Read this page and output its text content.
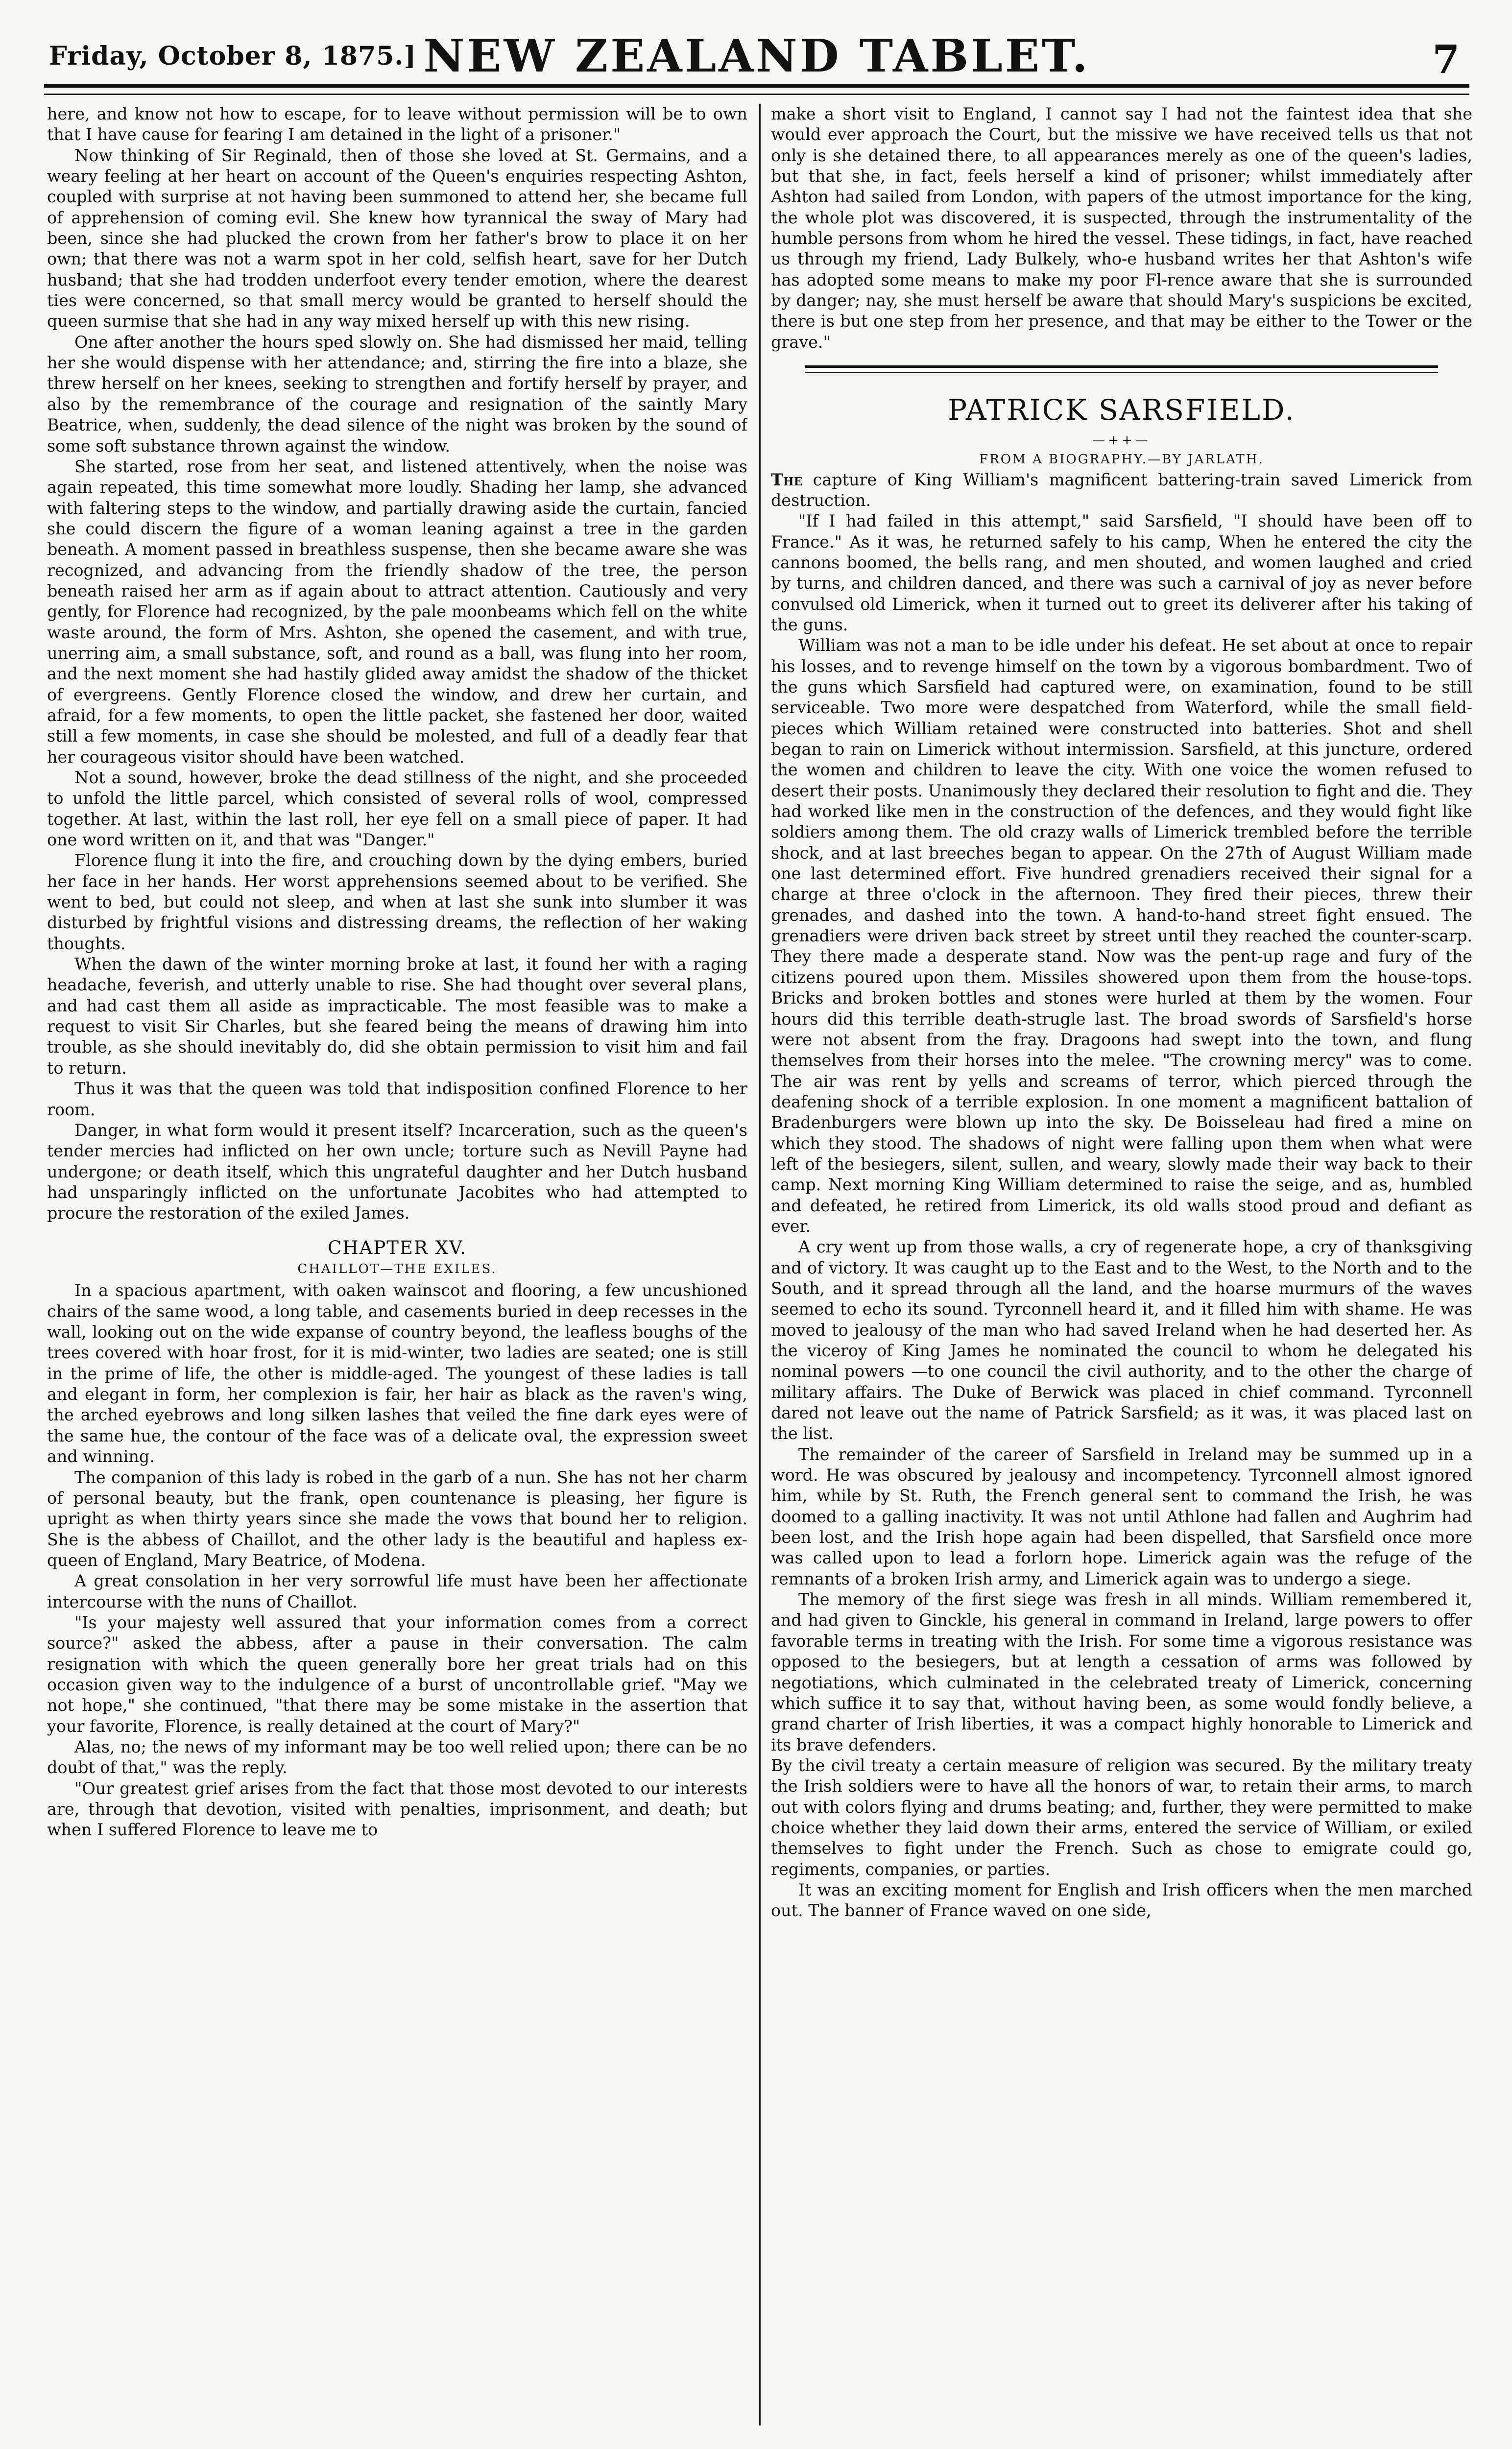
Friday, October 8, 1875.] NEW ZEALAND TABLET.	7

here, and know not how to escape, for to leave without permission will be to own that I have cause for fearing I am detained in the light of a prisoner."

Now thinking of Sir Reginald, then of those she loved at St. Germains, and a weary feeling at her heart on account of the Queen's enquiries respecting Ashton, coupled with surprise at not having been summoned to attend her, she became full of apprehension of coming evil. She knew how tyrannical the sway of Mary had been, since she had plucked the crown from her father's brow to place it on her own; that there was not a warm spot in her cold, selfish heart, save for her Dutch husband; that she had trodden underfoot every tender emotion, where the dearest ties were concerned, so that small mercy would be granted to herself should the queen surmise that she had in any way mixed herself up with this new rising.

One after another the hours sped slowly on. She had dismissed her maid, telling her she would dispense with her attendance; and, stirring the fire into a blaze, she threw herself on her knees, seeking to strengthen and fortify herself by prayer, and also by the remembrance of the courage and resignation of the saintly Mary Beatrice, when, suddenly, the dead silence of the night was broken by the sound of some soft substance thrown against the window.

She started, rose from her seat, and listened attentively, when the noise was again repeated, this time somewhat more loudly. Shading her lamp, she advanced with faltering steps to the window, and partially drawing aside the curtain, fancied she could discern the figure of a woman leaning against a tree in the garden beneath. A moment passed in breathless suspense, then she became aware she was recognized, and advancing from the friendly shadow of the tree, the person beneath raised her arm as if again about to attract attention. Cautiously and very gently, for Florence had recognized, by the pale moonbeams which fell on the white waste around, the form of Mrs. Ashton, she opened the casement, and with true, unerring aim, a small substance, soft, and round as a ball, was flung into her room, and the next moment she had hastily glided away amidst the shadow of the thicket of evergreens. Gently Florence closed the window, and drew her curtain, and afraid, for a few moments, to open the little packet, she fastened her door, waited still a few moments, in case she should be molested, and full of a deadly fear that her courageous visitor should have been watched.

Not a sound, however, broke the dead stillness of the night, and she proceeded to unfold the little parcel, which consisted of several rolls of wool, compressed together. At last, within the last roll, her eye fell on a small piece of paper. It had one word written on it, and that was "Danger."

Florence flung it into the fire, and crouching down by the dying embers, buried her face in her hands. Her worst apprehensions seemed about to be verified. She went to bed, but could not sleep, and when at last she sunk into slumber it was disturbed by frightful visions and distressing dreams, the reflection of her waking thoughts.

When the dawn of the winter morning broke at last, it found her with a raging headache, feverish, and utterly unable to rise. She had thought over several plans, and had cast them all aside as impracticable. The most feasible was to make a request to visit Sir Charles, but she feared being the means of drawing him into trouble, as she should inevitably do, did she obtain permission to visit him and fail to return.

Thus it was that the queen was told that indisposition confined Florence to her room.

Danger, in what form would it present itself? Incarceration, such as the queen's tender mercies had inflicted on her own uncle; torture such as Nevill Payne had undergone; or death itself, which this ungrateful daughter and her Dutch husband had unsparingly inflicted on the unfortunate Jacobites who had attempted to procure the restoration of the exiled James.

CHAPTER XV.
CHAILLOT—THE EXILES.

In a spacious apartment, with oaken wainscot and flooring, a few uncushioned chairs of the same wood, a long table, and casements buried in deep recesses in the wall, looking out on the wide expanse of country beyond, the leafless boughs of the trees covered with hoar frost, for it is mid-winter, two ladies are seated; one is still in the prime of life, the other is middle-aged. The youngest of these ladies is tall and elegant in form, her complexion is fair, her hair as black as the raven's wing, the arched eyebrows and long silken lashes that veiled the fine dark eyes were of the same hue, the contour of the face was of a delicate oval, the expression sweet and winning.

The companion of this lady is robed in the garb of a nun. She has not her charm of personal beauty, but the frank, open countenance is pleasing, her figure is upright as when thirty years since she made the vows that bound her to religion. She is the abbess of Chaillot, and the other lady is the beautiful and hapless ex-queen of England, Mary Beatrice, of Modena.

A great consolation in her very sorrowful life must have been her affectionate intercourse with the nuns of Chaillot.

"Is your majesty well assured that your information comes from a correct source?" asked the abbess, after a pause in their conversation. The calm resignation with which the queen generally bore her great trials had on this occasion given way to the indulgence of a burst of uncontrollable grief. "May we not hope," she continued, "that there may be some mistake in the assertion that your favorite, Florence, is really detained at the court of Mary?"

Alas, no; the news of my informant may be too well relied upon; there can be no doubt of that," was the reply.

"Our greatest grief arises from the fact that those most devoted to our interests are, through that devotion, visited with penalties, imprisonment, and death; but when I suffered Florence to leave me to

make a short visit to England, I cannot say I had not the faintest idea that she would ever approach the Court, but the missive we have received tells us that not only is she detained there, to all appearances merely as one of the queen's ladies, but that she, in fact, feels herself a kind of prisoner; whilst immediately after Ashton had sailed from London, with papers of the utmost importance for the king, the whole plot was discovered, it is suspected, through the instrumentality of the humble persons from whom he hired the vessel. These tidings, in fact, have reached us through my friend, Lady Bulkely, who-e husband writes her that Ashton's wife has adopted some means to make my poor Fl-rence aware that she is surrounded by danger; nay, she must herself be aware that should Mary's suspicions be excited, there is but one step from her presence, and that may be either to the Tower or the grave."

PATRICK SARSFIELD.
—++—
FROM A BIOGRAPHY.—BY JARLATH.

The capture of King William's magnificent battering-train saved Limerick from destruction.

"If I had failed in this attempt," said Sarsfield, "I should have been off to France." As it was, he returned safely to his camp, When he entered the city the cannons boomed, the bells rang, and men shouted, and women laughed and cried by turns, and children danced, and there was such a carnival of joy as never before convulsed old Limerick, when it turned out to greet its deliverer after his taking of the guns.

William was not a man to be idle under his defeat. He set about at once to repair his losses, and to revenge himself on the town by a vigorous bombardment. Two of the guns which Sarsfield had captured were, on examination, found to be still serviceable. Two more were despatched from Waterford, while the small field-pieces which William retained were constructed into batteries. Shot and shell began to rain on Limerick without intermission. Sarsfield, at this juncture, ordered the women and children to leave the city. With one voice the women refused to desert their posts. Unanimously they declared their resolution to fight and die. They had worked like men in the construction of the defences, and they would fight like soldiers among them. The old crazy walls of Limerick trembled before the terrible shock, and at last breeches began to appear. On the 27th of August William made one last determined effort. Five hundred grenadiers received their signal for a charge at three o'clock in the afternoon. They fired their pieces, threw their grenades, and dashed into the town. A hand-to-hand street fight ensued. The grenadiers were driven back street by street until they reached the counter-scarp. They there made a desperate stand. Now was the pent-up rage and fury of the citizens poured upon them. Missiles showered upon them from the house-tops. Bricks and broken bottles and stones were hurled at them by the women. Four hours did this terrible death-strugle last. The broad swords of Sarsfield's horse were not absent from the fray. Dragoons had swept into the town, and flung themselves from their horses into the melee. "The crowning mercy" was to come. The air was rent by yells and screams of terror, which pierced through the deafening shock of a terrible explosion. In one moment a magnificent battalion of Bradenburgers were blown up into the sky. De Boisseleau had fired a mine on which they stood. The shadows of night were falling upon them when what were left of the besiegers, silent, sullen, and weary, slowly made their way back to their camp. Next morning King William determined to raise the seige, and as, humbled and defeated, he retired from Limerick, its old walls stood proud and defiant as ever.

A cry went up from those walls, a cry of regenerate hope, a cry of thanksgiving and of victory. It was caught up to the East and to the West, to the North and to the South, and it spread through all the land, and the hoarse murmurs of the waves seemed to echo its sound. Tyrconnell heard it, and it filled him with shame. He was moved to jealousy of the man who had saved Ireland when he had deserted her. As the viceroy of King James he nominated the council to whom he delegated his nominal powers —to one council the civil authority, and to the other the charge of military affairs. The Duke of Berwick was placed in chief command. Tyrconnell dared not leave out the name of Patrick Sarsfield; as it was, it was placed last on the list.

The remainder of the career of Sarsfield in Ireland may be summed up in a word. He was obscured by jealousy and incompetency. Tyrconnell almost ignored him, while by St. Ruth, the French general sent to command the Irish, he was doomed to a galling inactivity. It was not until Athlone had fallen and Aughrim had been lost, and the Irish hope again had been dispelled, that Sarsfield once more was called upon to lead a forlorn hope. Limerick again was the refuge of the remnants of a broken Irish army, and Limerick again was to undergo a siege.

The memory of the first siege was fresh in all minds. William remembered it, and had given to Ginckle, his general in command in Ireland, large powers to offer favorable terms in treating with the Irish. For some time a vigorous resistance was opposed to the besiegers, but at length a cessation of arms was followed by negotiations, which culminated in the celebrated treaty of Limerick, concerning which suffice it to say that, without having been, as some would fondly believe, a grand charter of Irish liberties, it was a compact highly honorable to Limerick and its brave defenders.

By the civil treaty a certain measure of religion was secured. By the military treaty the Irish soldiers were to have all the honors of war, to retain their arms, to march out with colors flying and drums beating; and, further, they were permitted to make choice whether they laid down their arms, entered the service of William, or exiled themselves to fight under the French. Such as chose to emigrate could go, regiments, companies, or parties.

It was an exciting moment for English and Irish officers when the men marched out. The banner of France waved on one side,
